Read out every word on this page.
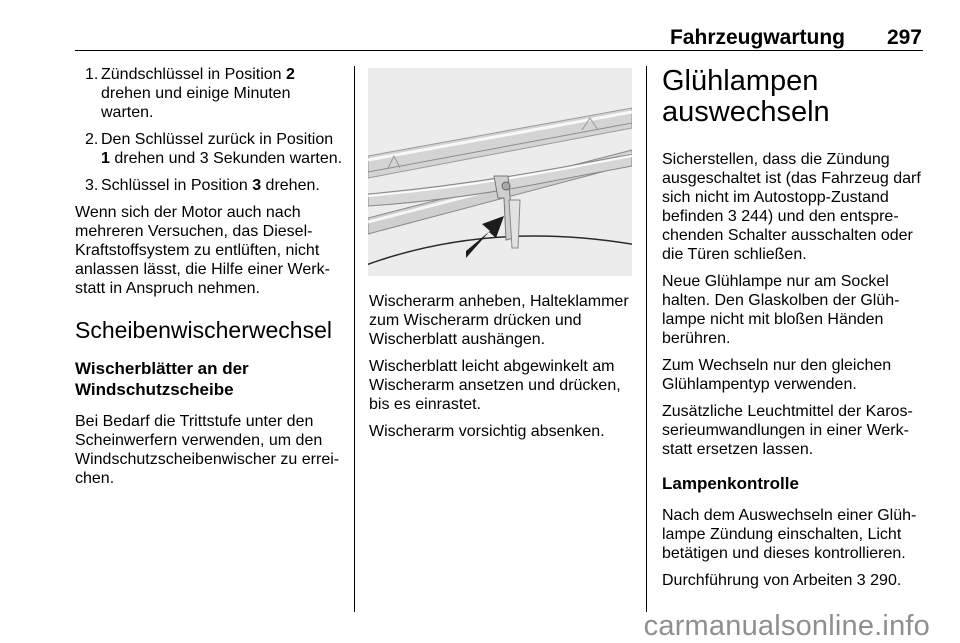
Fahrzeugwartung	297
1. Zündschlüssel in Position 2 drehen und einige Minuten warten.
2. Den Schlüssel zurück in Position 1 drehen und 3 Sekunden warten.
3. Schlüssel in Position 3 drehen.

Wenn sich der Motor auch nach mehreren Versuchen, das Diesel-Kraftstoffsystem zu entlüften, nicht anlassen lässt, die Hilfe einer Werk-statt in Anspruch nehmen.

Scheibenwischerwechsel
Wischerblätter an der Windschutzscheibe

Bei Bedarf die Trittstufe unter den Scheinwerfern verwenden, um den Windschutzscheibenwischer zu errei-chen.

Wischerarm anheben, Halteklammer zum Wischerarm drücken und Wischerblatt aushängen.

Wischerblatt leicht abgewinkelt am Wischerarm ansetzen und drücken, bis es einrastet.

Wischerarm vorsichtig absenken.

Glühlampen auswechseln

Sicherstellen, dass die Zündung ausgeschaltet ist (das Fahrzeug darf sich nicht im Autostopp-Zustand befinden 3 244) und den entspre-chenden Schalter ausschalten oder die Türen schließen.

Neue Glühlampe nur am Sockel halten. Den Glaskolben der Glüh-lampe nicht mit bloßen Händen berühren.

Zum Wechseln nur den gleichen Glühlampentyp verwenden.

Zusätzliche Leuchtmittel der Karos-serieumwandlungen in einer Werk-statt ersetzen lassen.

Lampenkontrolle

Nach dem Auswechseln einer Glüh-lampe Zündung einschalten, Licht betätigen und dieses kontrollieren.

Durchführung von Arbeiten 3 290.

carmanualsonline.info
